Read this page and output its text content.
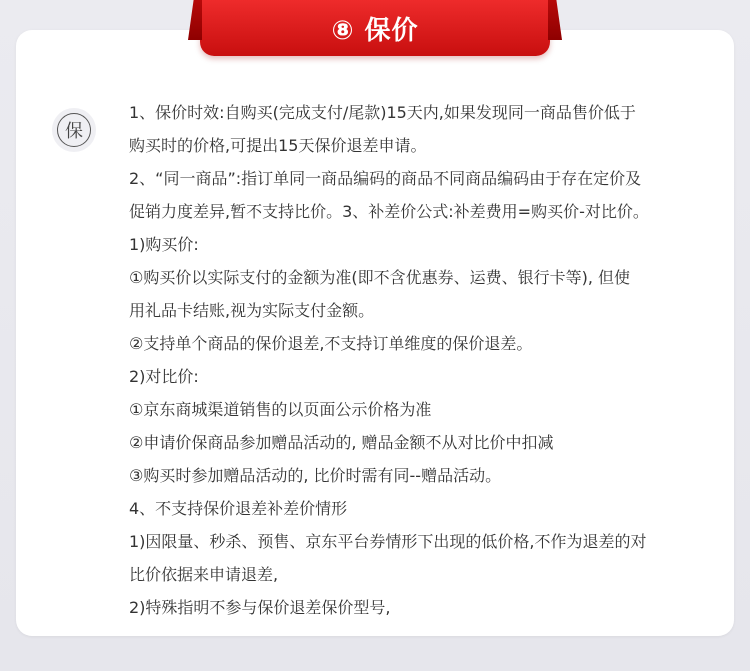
⑧ 保价
保
1、保价时效:自购买(完成支付/尾款)15天内,如果发现同一商品售价低于
购买时的价格,可提出15天保价退差申请。
2、“同一商品”:指订单同一商品编码的商品不同商品编码由于存在定价及
促销力度差异,暂不支持比价。3、补差价公式:补差费用=购买价-对比价。
1)购买价:
①购买价以实际支付的金额为准(即不含优惠券、运费、银行卡等), 但使
用礼品卡结账,视为实际支付金额。
②支持单个商品的保价退差,不支持订单维度的保价退差。
2)对比价:
①京东商城渠道销售的以页面公示价格为准
②申请价保商品参加赠品活动的, 赠品金额不从对比价中扣减
③购买时参加赠品活动的, 比价时需有同--赠品活动。
4、不支持保价退差补差价情形
1)因限量、秒杀、预售、京东平台券情形下出现的低价格,不作为退差的对
比价依据来申请退差,
2)特殊指明不参与保价退差保价型号,
